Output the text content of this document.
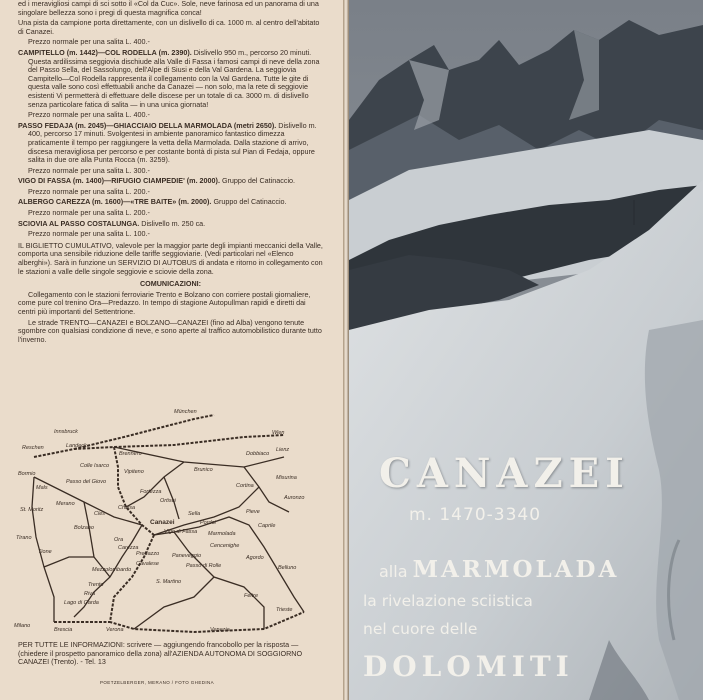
ed i meravigliosi campi di sci sotto il «Col da Cuc». Sole, neve farinosa ed un panorama di una singolare bellezza sono i pregi di questa magnifica conca!

Una pista da campione porta direttamente, con un dislivello di ca. 1000 m. al centro dell'abitato di Canazei.

Prezzo normale per una salita L. 400.-

CAMPITELLO (m. 1442)—COL RODELLA (m. 2390). Dislivello 950 m., percorso 20 minuti. Questa ardilissima seggiovia dischiude alla Valle di Fassa i famosi campi di neve della zona del Passo Sella, del Sassolungo, dell'Alpe di Siusi e della Val Gardena. La seggiovia Campitello—Col Rodella rappresenta il collegamento con la Val Gardena. Tutte le gite di questa valle sono così effettuabili anche da Canazei — non solo, ma la rete di seggiovie esistenti Vi permetterà di effettuare delle discese per un totale di ca. 3000 m. di dislivello senza particolare fatica di salita — in una unica giornata!

Prezzo normale per una salita L. 400.-

PASSO FEDAJA (m. 2045)—GHIACCIAIO DELLA MARMOLADA (metri 2650). Dislivello m. 400, percorso 17 minuti. Svolgentesi in ambiente panoramico fantastico dimezza praticamente il tempo per raggiungere la vetta della Marmolada. Dalla stazione di arrivo, discesa meravigliosa per percorso e per costante bontà di pista sul Pian di Fedaja, oppure salita in due ore alla Punta Rocca (m. 3259).

Prezzo normale per una salita L. 300.-

VIGO DI FASSA (m. 1400)—RIFUGIO CIAMPEDIE' (m. 2000). Gruppo del Catinaccio.

Prezzo normale per una salita L. 200.-

ALBERGO CAREZZA (m. 1600)—«TRE BAITE» (m. 2000). Gruppo del Catinaccio.

Prezzo normale per una salita L. 200.-

SCIOVIA AL PASSO COSTALUNGA. Dislivello m. 250 ca.

Prezzo normale per una salita L. 100.-

IL BIGLIETTO CUMULATIVO, valevole per la maggior parte degli impianti meccanici della Valle, comporta una sensibile riduzione delle tariffe seggioviarie. (Vedi particolari nel «Elenco alberghi»). Sarà in funzione un SERVIZIO DI AUTOBUS di andata e ritorno in collegamento con le stazioni a valle delle singole seggiovie e sciovie della zona.

COMUNICAZIONI:

Collegamento con le stazioni ferroviarie Trento e Bolzano con corriere postali giornaliere, come pure col trenino Ora—Predazzo. In tempo di stagione Autopullman rapidi e diretti dai centri più importanti del Settentrione.

Le strade TRENTO—CANAZEI e BOLZANO—CANAZEI (fino ad Alba) vengono tenute sgombre con qualsiasi condizione di neve, e sono aperte al traffico automobilistico durante tutto l'inverno.

München
Innsbruck	Wien
Lienz
Dobbiaco
Brennero
Reschen	Landeck
Colle Isarco
Vipiteno	Brunico
Passo del Giovo
Mals
Merano
Fortezza
Chiusa
Cortina
Misurina
Auronzo
Ortisei
Pieve
Caprile
Bolzano
Canazei	Pordoi
Marmolada
Cencenighe
Agordo
Belluno
Predazzo Paneveggio
Passo di Rolle
S. Martino
Trento
Riva
Lago di Garda
Milano
Brescia	Verona	Venezia
Trieste
Tione
Cles
Bormio
St. Moritz
Feltre
Cavalese
Ora
Vigo di Fassa
Carezza
Sella
Tirano
Mezzolombardo
PER TUTTE LE INFORMAZIONI: scrivere — aggiungendo francobollo per la risposta — (chiedere il prospetto panoramico della zona) all'AZIENDA AUTONOMA DI SOGGIORNO CANAZEI (Trento). - Tel. 13
POETZELBERGER, MERANO / FOTO GHEDINA
CANAZEI
m. 1470-3340
alla MARMOLADA
la rivelazione sciistica
nel cuore delle
DOLOMITI
